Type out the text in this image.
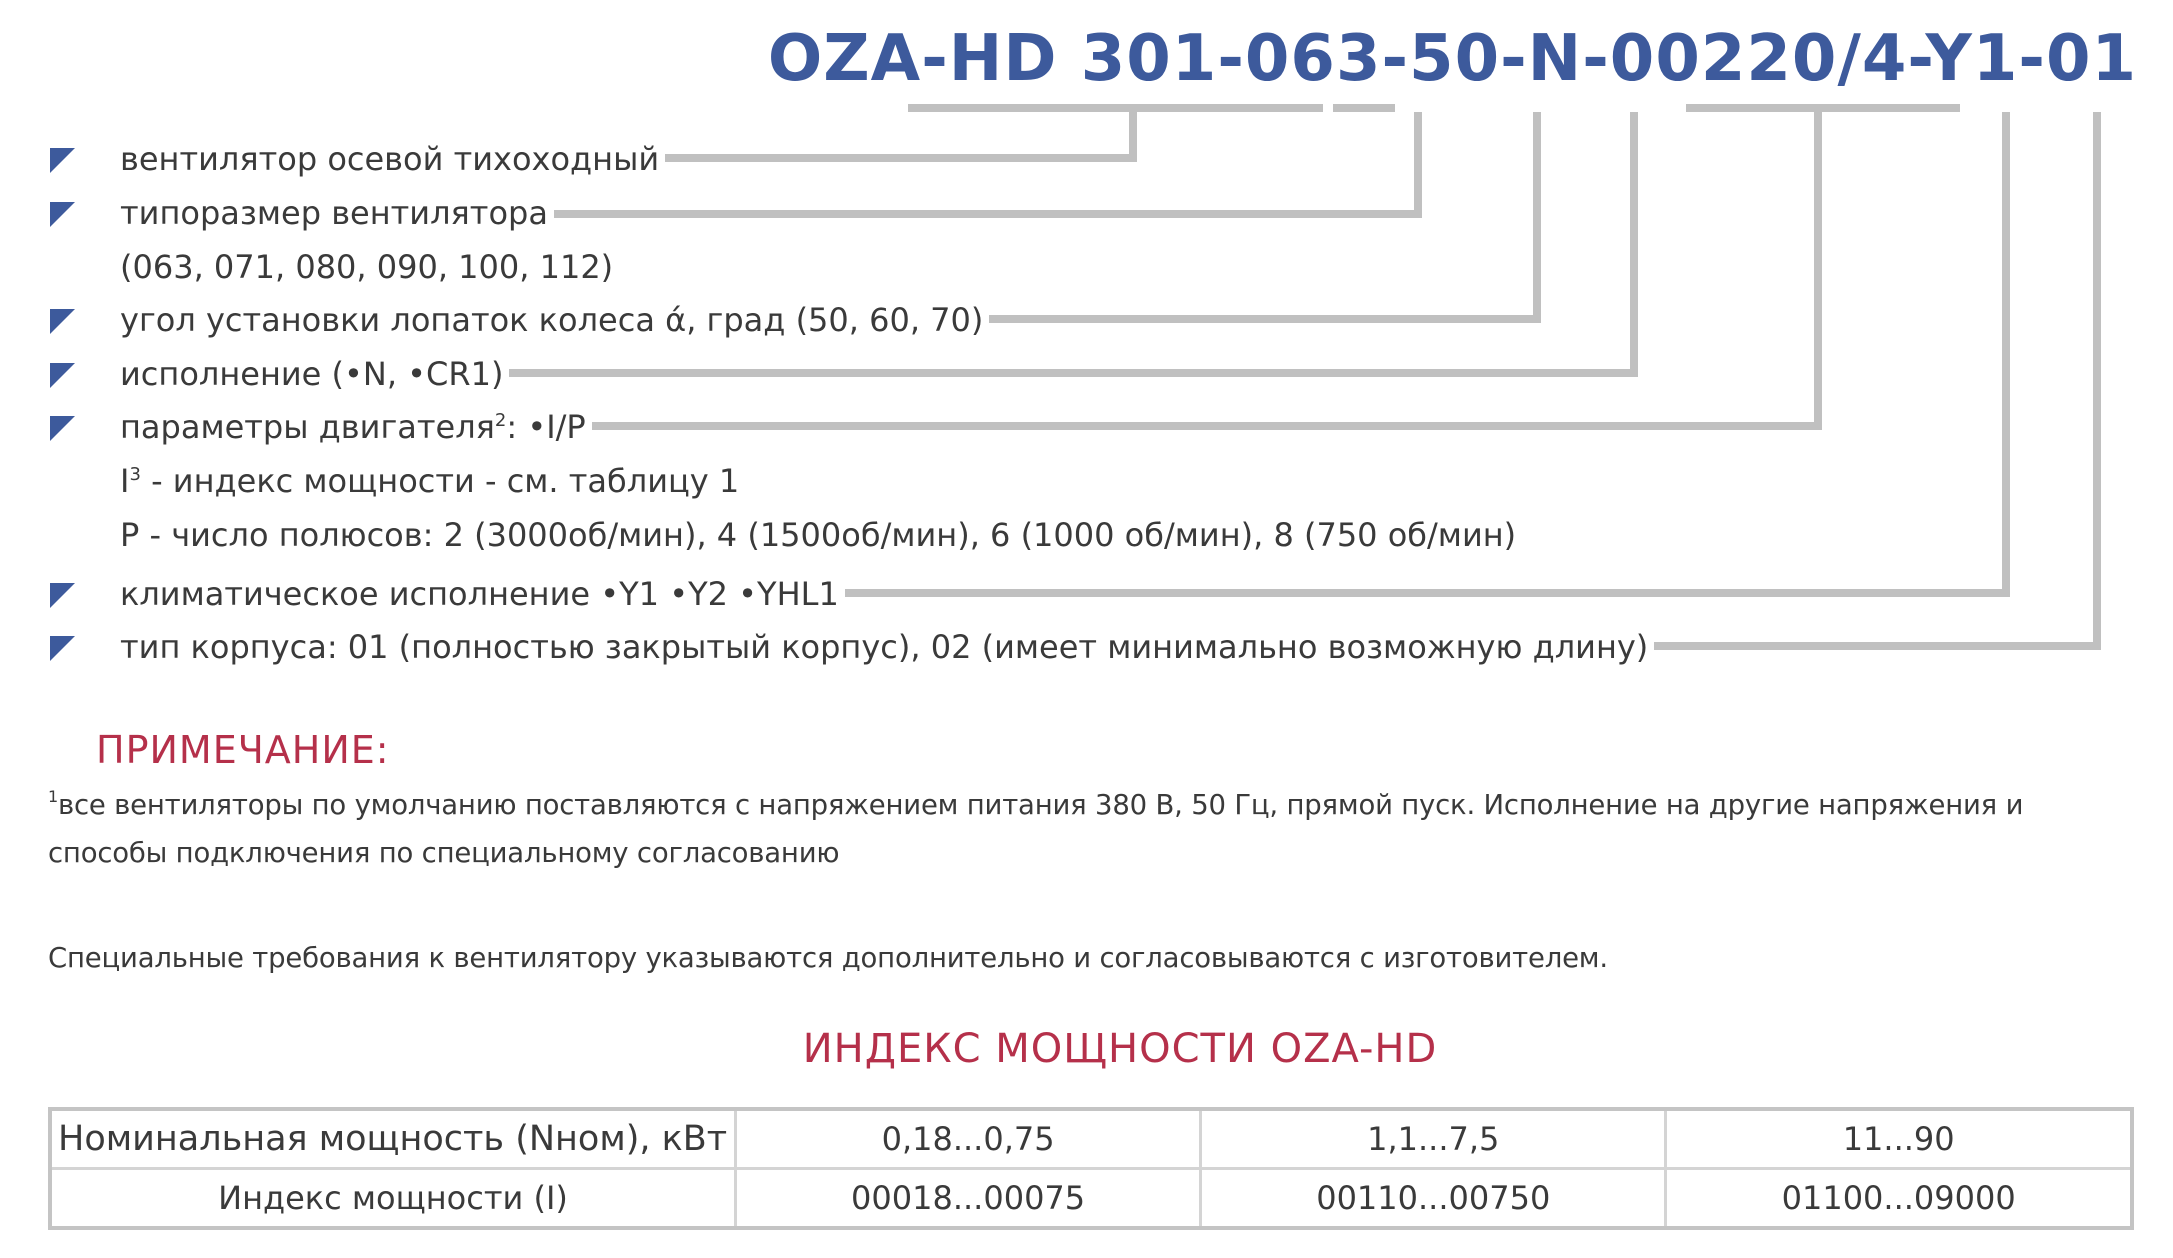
OZA-HD 301-063-50-N-00220/4-Y1-01
вентилятор осевой тихоходный
типоразмер вентилятора
(063, 071, 080, 090, 100, 112)
угол установки лопаток колеса ά, град (50, 60, 70)
исполнение (•N, •CR1)
параметры двигателя$^2$: •I/P
$I^3$ - индекс мощности - см. таблицу 1
P - число полюсов: 2 (3000об/мин), 4 (1500об/мин), 6 (1000 об/мин), 8 (750 об/мин)
климатическое исполнение •Y1 •Y2 •YHL1
тип корпуса: 01 (полностью закрытый корпус), 02 (имеет минимально возможную длину)
ПРИМЕЧАНИЕ:

$^1$все вентиляторы по умолчанию поставляются с напряжением питания 380 В, 50 Гц, прямой пуск. Исполнение на другие напряжения и способы подключения по специальному согласованию

Специальные требования к вентилятору указываются дополнительно и согласовываются с изготовителем.

ИНДЕКС МОЩНОСТИ OZA-HD
Номинальная мощность (Nном), кВт	0,18...0,75	1,1...7,5	11...90
Индекс мощности (I)	00018...00075	00110...00750	01100...09000
